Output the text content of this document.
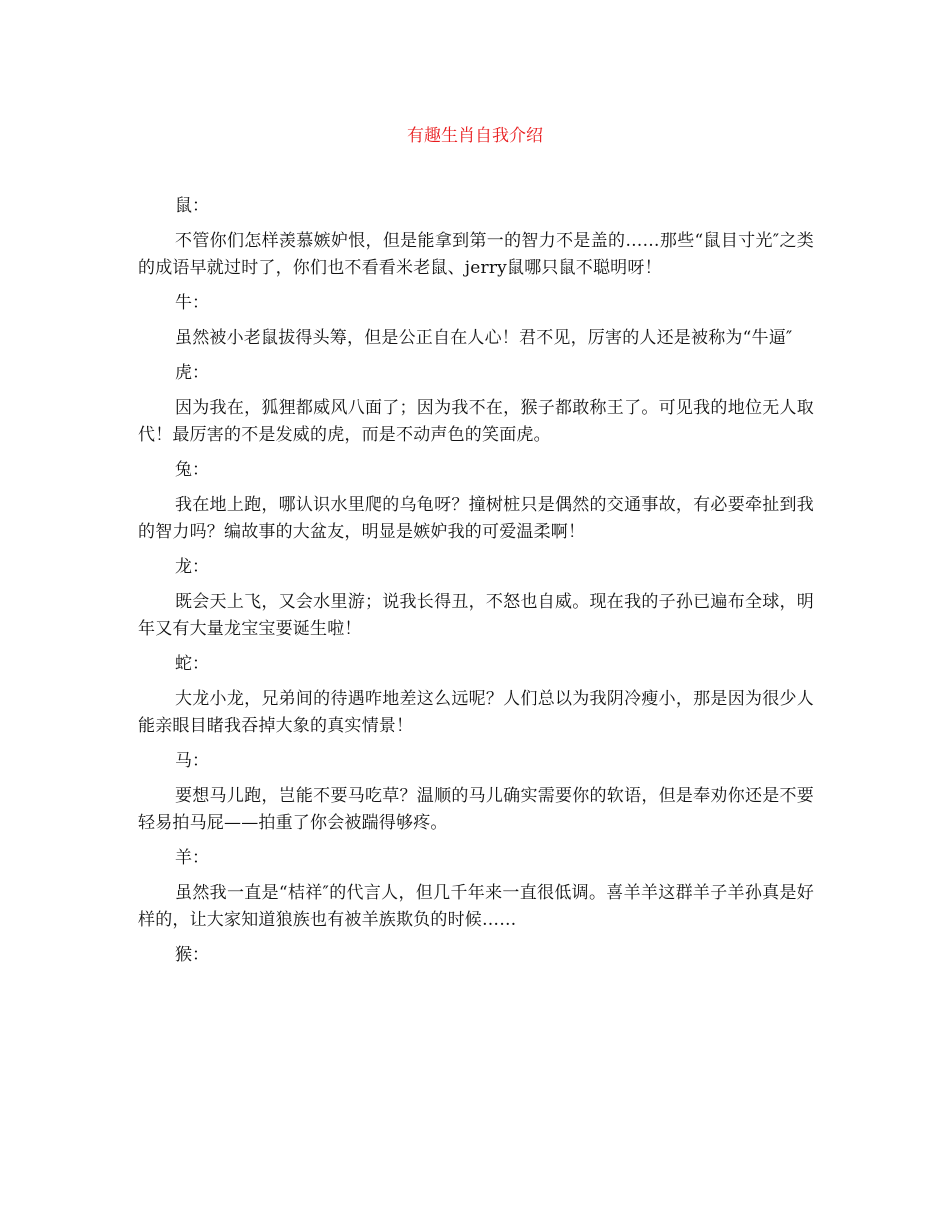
有趣生肖自我介绍

鼠：

不管你们怎样羡慕嫉妒恨，但是能拿到第一的智力不是盖的……那些“鼠目寸光″之类的成语早就过时了，你们也不看看米老鼠、jerry鼠哪只鼠不聪明呀！

牛：

虽然被小老鼠拔得头筹，但是公正自在人心！君不见，厉害的人还是被称为“牛逼″

虎：

因为我在，狐狸都威风八面了；因为我不在，猴子都敢称王了。可见我的地位无人取代！最厉害的不是发威的虎，而是不动声色的笑面虎。

兔：

我在地上跑，哪认识水里爬的乌龟呀？撞树桩只是偶然的交通事故，有必要牵扯到我的智力吗？编故事的大盆友，明显是嫉妒我的可爱温柔啊！

龙：

既会天上飞，又会水里游；说我长得丑，不怒也自威。现在我的子孙已遍布全球，明年又有大量龙宝宝要诞生啦！

蛇：

大龙小龙，兄弟间的待遇咋地差这么远呢？人们总以为我阴冷瘦小，那是因为很少人能亲眼目睹我吞掉大象的真实情景！

马：

要想马儿跑，岂能不要马吃草？温顺的马儿确实需要你的软语，但是奉劝你还是不要轻易拍马屁——拍重了你会被踹得够疼。

羊：

虽然我一直是“桔祥″的代言人，但几千年来一直很低调。喜羊羊这群羊子羊孙真是好样的，让大家知道狼族也有被羊族欺负的时候……

猴：
